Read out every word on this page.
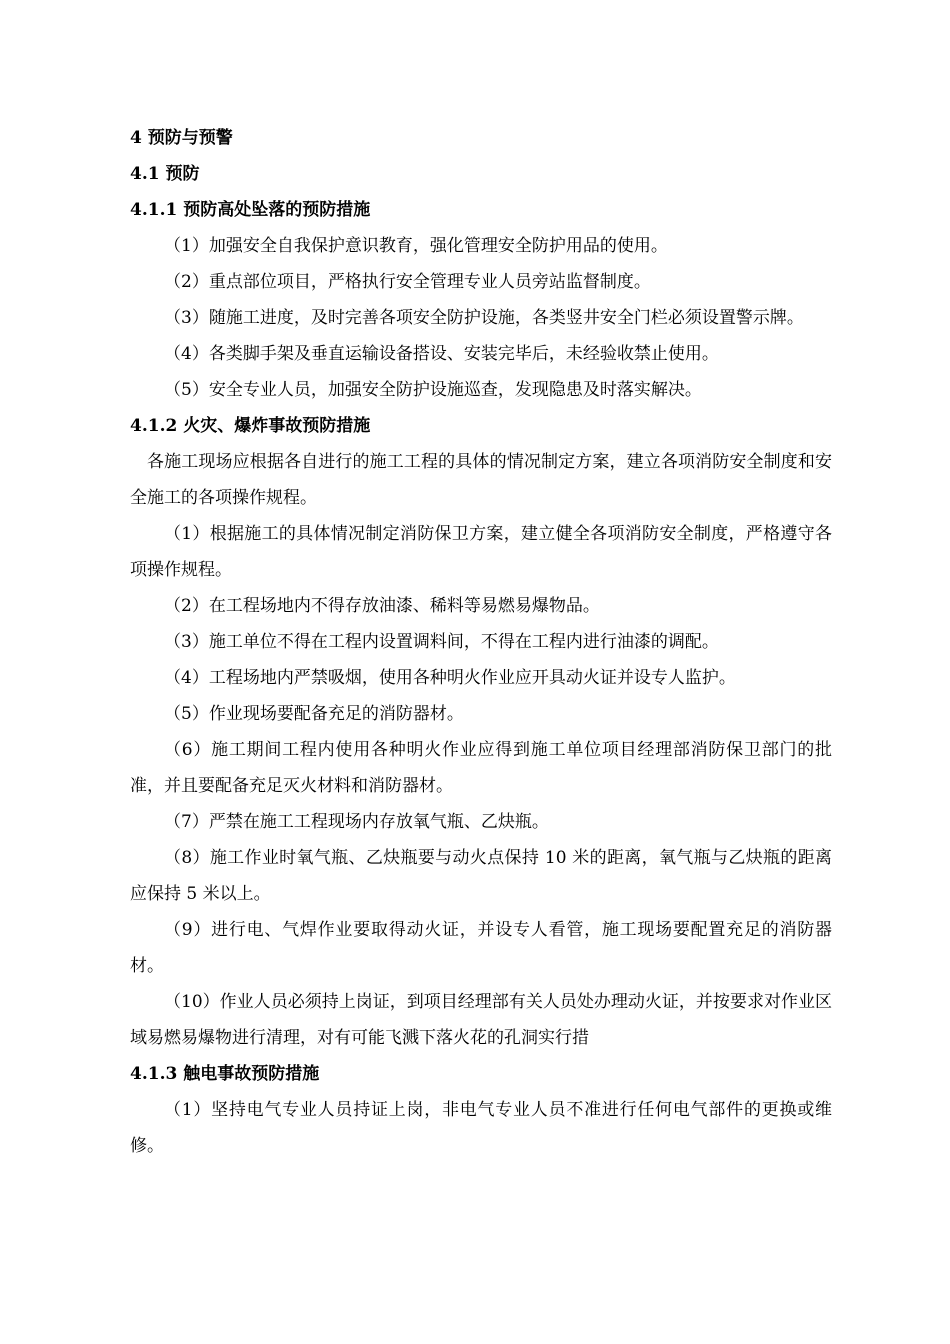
4 预防与预警
4.1 预防
4.1.1 预防高处坠落的预防措施

（1）加强安全自我保护意识教育，强化管理安全防护用品的使用。

（2）重点部位项目，严格执行安全管理专业人员旁站监督制度。

（3）随施工进度，及时完善各项安全防护设施，各类竖井安全门栏必须设置警示牌。

（4）各类脚手架及垂直运输设备搭设、安装完毕后，未经验收禁止使用。

（5）安全专业人员，加强安全防护设施巡查，发现隐患及时落实解决。

4.1.2 火灾、爆炸事故预防措施

各施工现场应根据各自进行的施工工程的具体的情况制定方案，建立各项消防安全制度和安全施工的各项操作规程。

（1）根据施工的具体情况制定消防保卫方案，建立健全各项消防安全制度，严格遵守各项操作规程。

（2）在工程场地内不得存放油漆、稀料等易燃易爆物品。

（3）施工单位不得在工程内设置调料间，不得在工程内进行油漆的调配。

（4）工程场地内严禁吸烟，使用各种明火作业应开具动火证并设专人监护。

（5）作业现场要配备充足的消防器材。

（6）施工期间工程内使用各种明火作业应得到施工单位项目经理部消防保卫部门的批准，并且要配备充足灭火材料和消防器材。

（7）严禁在施工工程现场内存放氧气瓶、乙炔瓶。

（8）施工作业时氧气瓶、乙炔瓶要与动火点保持 10 米的距离，氧气瓶与乙炔瓶的距离应保持 5 米以上。

（9）进行电、气焊作业要取得动火证，并设专人看管，施工现场要配置充足的消防器材。

（10）作业人员必须持上岗证，到项目经理部有关人员处办理动火证，并按要求对作业区域易燃易爆物进行清理，对有可能飞溅下落火花的孔洞实行措

4.1.3 触电事故预防措施

（1）坚持电气专业人员持证上岗，非电气专业人员不准进行任何电气部件的更换或维修。
